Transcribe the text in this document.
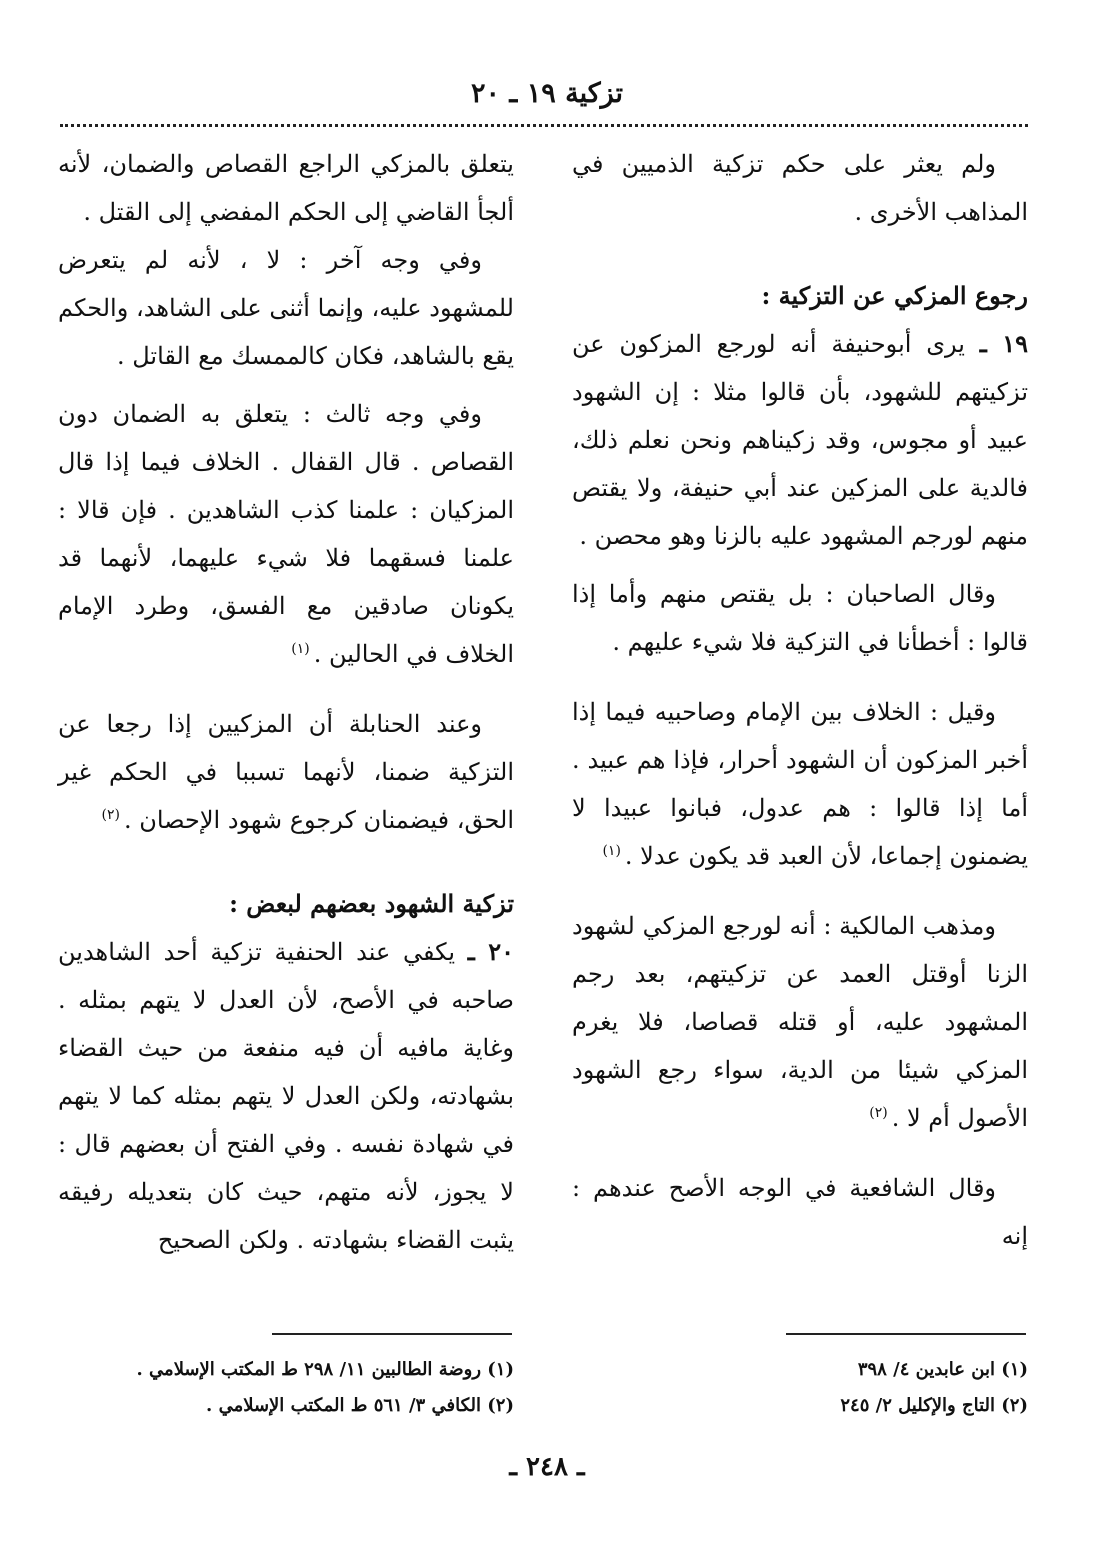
تزكية ١٩ ـ ٢٠

ولم يعثر على حكم تزكية الذميين في المذاهب الأخرى .

رجوع المزكي عن التزكية :

١٩ ـ يرى أبوحنيفة أنه لورجع المزكون عن تزكيتهم للشهود، بأن قالوا مثلا : إن الشهود عبيد أو مجوس، وقد زكيناهم ونحن نعلم ذلك، فالدية على المزكين عند أبي حنيفة، ولا يقتص منهم لورجم المشهود عليه بالزنا وهو محصن .

وقال الصاحبان : بل يقتص منهم وأما إذا قالوا : أخطأنا في التزكية فلا شيء عليهم .

وقيل : الخلاف بين الإمام وصاحبيه فيما إذا أخبر المزكون أن الشهود أحرار، فإذا هم عبيد . أما إذا قالوا : هم عدول، فبانوا عبيدا لا يضمنون إجماعا، لأن العبد قد يكون عدلا .$^{(١)}$

ومذهب المالكية : أنه لورجع المزكي لشهود الزنا أوقتل العمد عن تزكيتهم، بعد رجم المشهود عليه، أو قتله قصاصا، فلا يغرم المزكي شيئا من الدية، سواء رجع الشهود الأصول أم لا .$^{(٢)}$

وقال الشافعية في الوجه الأصح عندهم : إنه

يتعلق بالمزكي الراجع القصاص والضمان، لأنه ألجأ القاضي إلى الحكم المفضي إلى القتل .

وفي وجه آخر : لا ، لأنه لم يتعرض للمشهود عليه، وإنما أثنى على الشاهد، والحكم يقع بالشاهد، فكان كالممسك مع القاتل .

وفي وجه ثالث : يتعلق به الضمان دون القصاص . قال القفال . الخلاف فيما إذا قال المزكيان : علمنا كذب الشاهدين . فإن قالا : علمنا فسقهما فلا شيء عليهما، لأنهما قد يكونان صادقين مع الفسق، وطرد الإمام الخلاف في الحالين .$^{(١)}$

وعند الحنابلة أن المزكيين إذا رجعا عن التزكية ضمنا، لأنهما تسببا في الحكم غير الحق، فيضمنان كرجوع شهود الإحصان .$^{(٢)}$

تزكية الشهود بعضهم لبعض :

٢٠ ـ يكفي عند الحنفية تزكية أحد الشاهدين صاحبه في الأصح، لأن العدل لا يتهم بمثله . وغاية مافيه أن فيه منفعة من حيث القضاء بشهادته، ولكن العدل لا يتهم بمثله كما لا يتهم في شهادة نفسه . وفي الفتح أن بعضهم قال : لا يجوز، لأنه متهم، حيث كان بتعديله رفيقه يثبت القضاء بشهادته . ولكن الصحيح

(١) ابن عابدين ٤/ ٣٩٨

(٢) التاج والإكليل ٢/ ٢٤٥

(١) روضة الطالبين ١١/ ٢٩٨ ط المكتب الإسلامي .

(٢) الكافي ٣/ ٥٦١ ط المكتب الإسلامي .

ـ ٢٤٨ ـ
